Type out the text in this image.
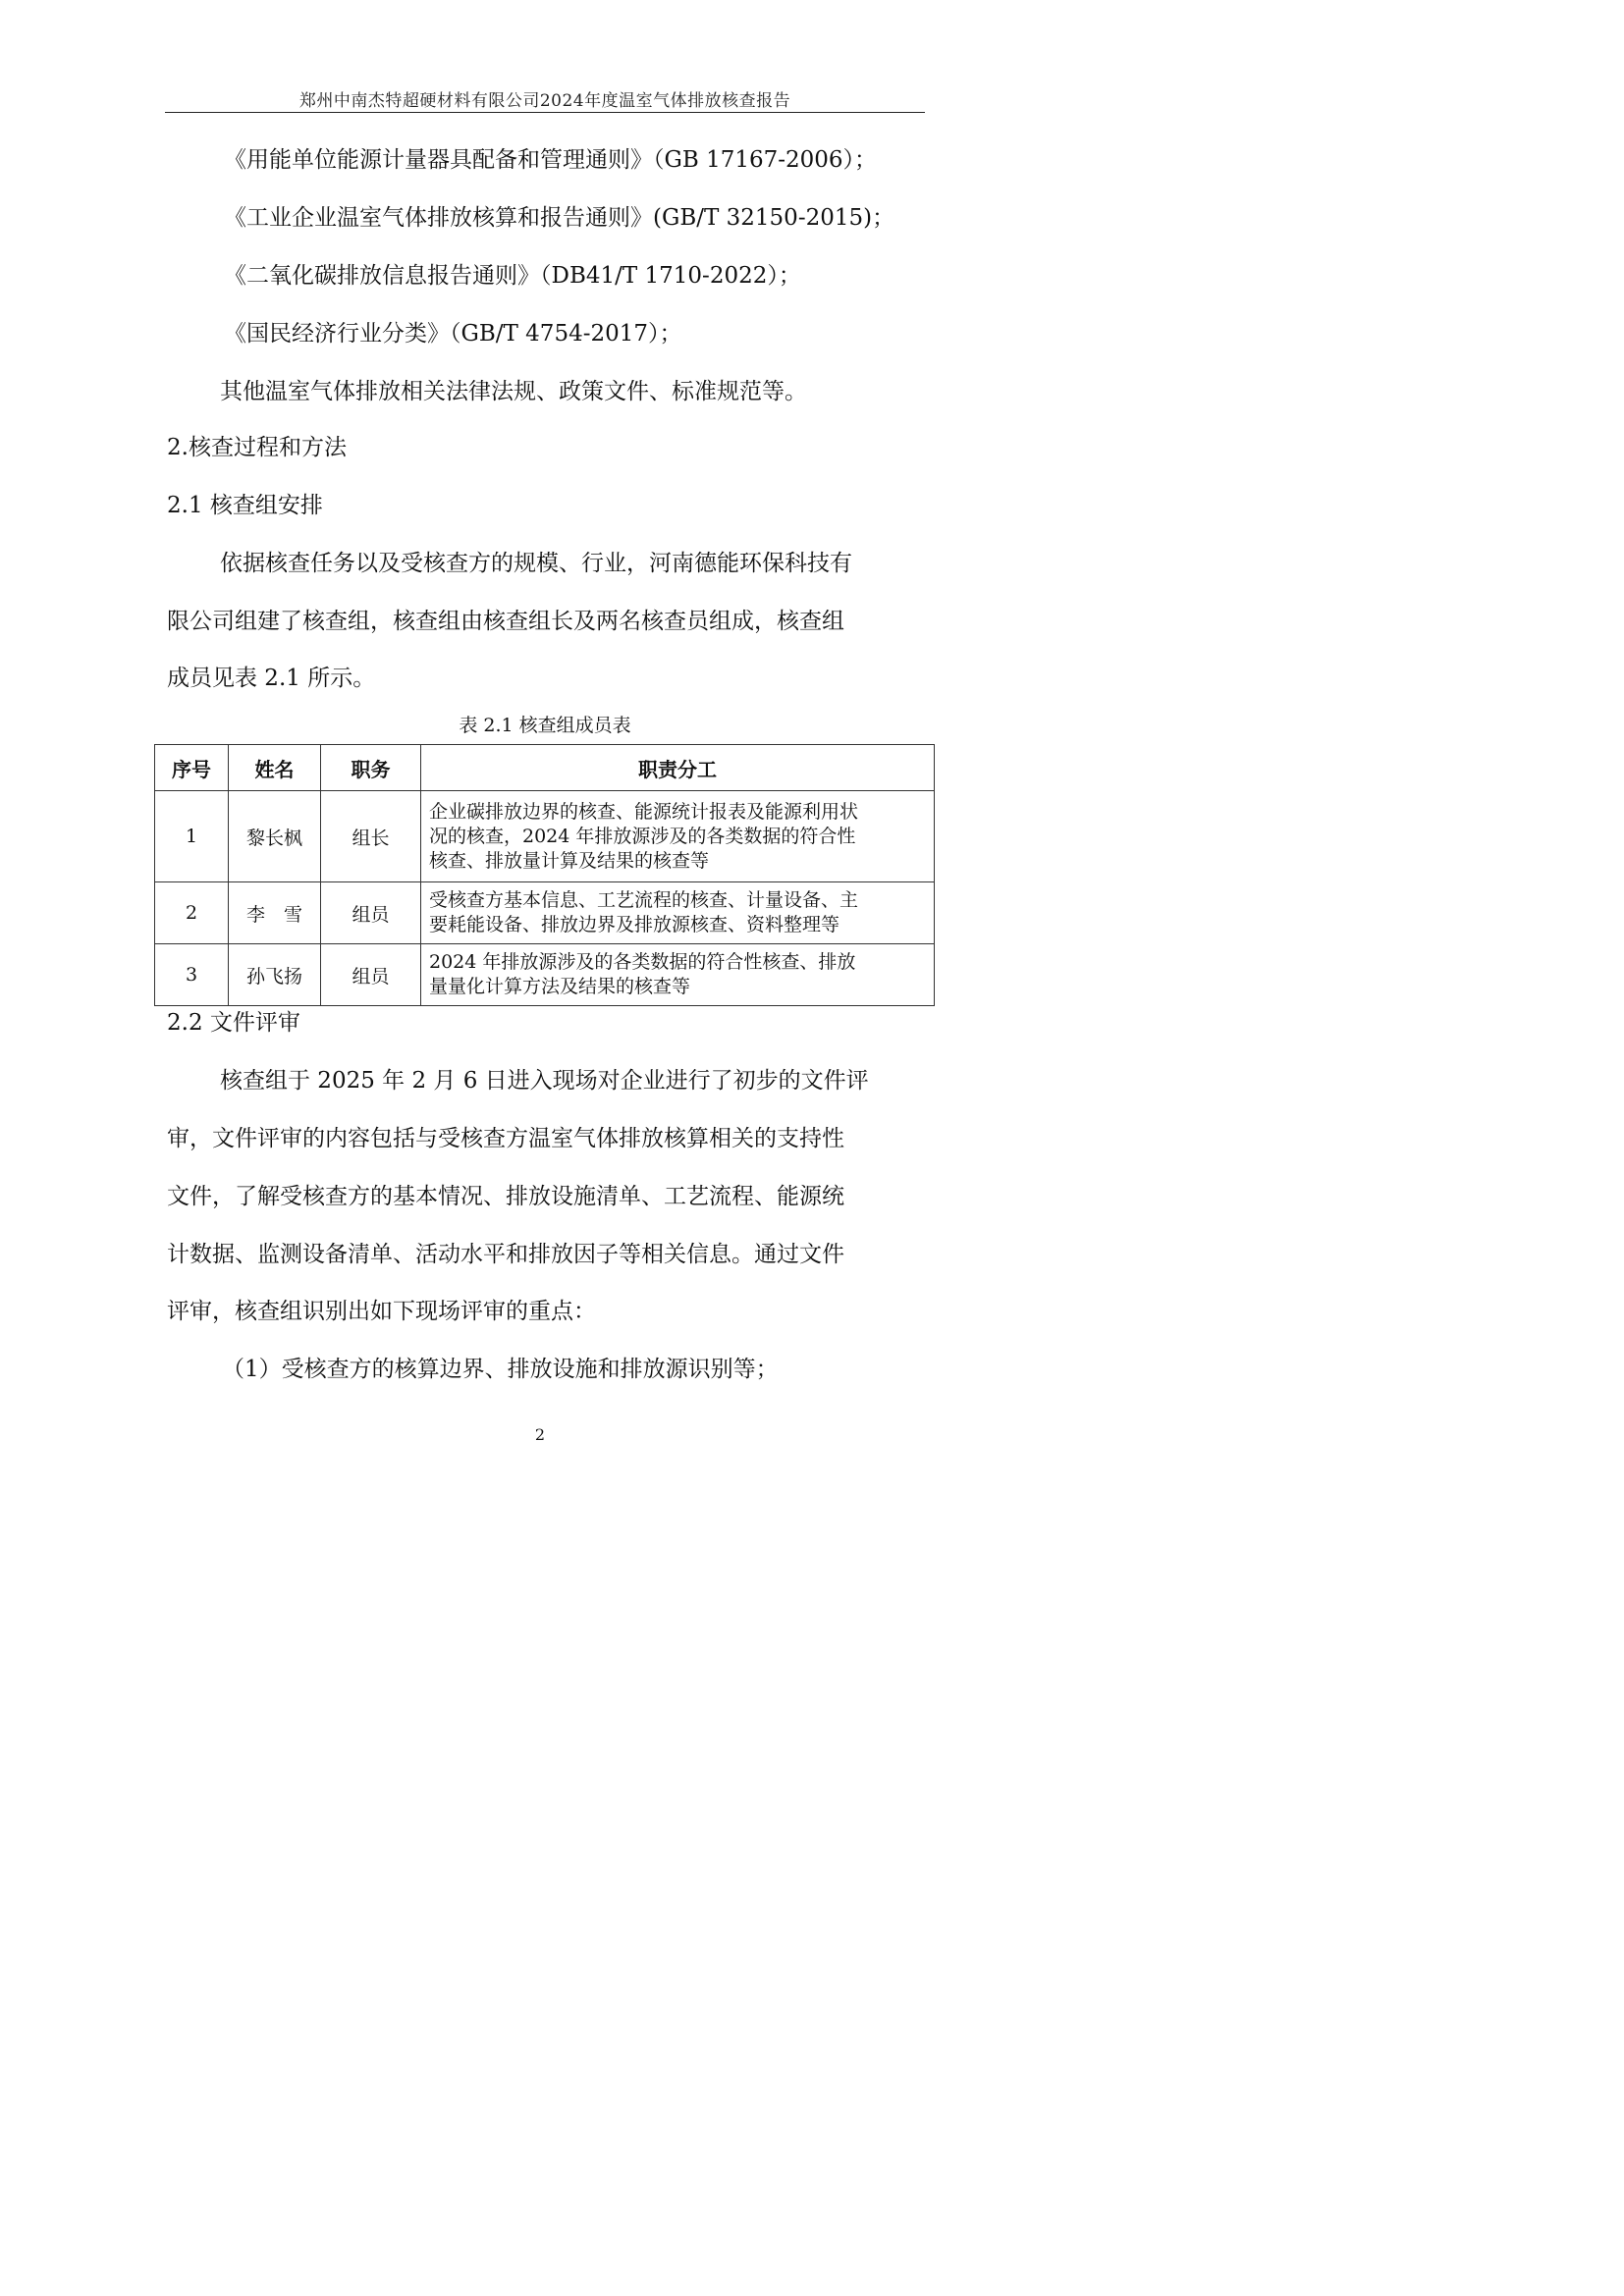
郑州中南杰特超硬材料有限公司2024年度温室气体排放核查报告
《用能单位能源计量器具配备和管理通则》（GB 17167-2006）；
《工业企业温室气体排放核算和报告通则》(GB/T 32150-2015)；
《二氧化碳排放信息报告通则》（DB41/T 1710-2022）；
《国民经济行业分类》（GB/T 4754-2017）；
其他温室气体排放相关法律法规、政策文件、标准规范等。
2.核查过程和方法
2.1 核查组安排
依据核查任务以及受核查方的规模、行业，河南德能环保科技有
限公司组建了核查组，核查组由核查组长及两名核查员组成，核查组
成员见表 2.1 所示。
表 2.1 核查组成员表
序号	姓名	职务	职责分工
1	黎长枫	组长	企业碳排放边界的核查、能源统计报表及能源利用状
况的核查，2024 年排放源涉及的各类数据的符合性
核查、排放量计算及结果的核查等

2	李　雪	组员	受核查方基本信息、工艺流程的核查、计量设备、主
要耗能设备、排放边界及排放源核查、资料整理等

3	孙飞扬	组员	2024 年排放源涉及的各类数据的符合性核查、排放
量量化计算方法及结果的核查等
2.2 文件评审
核查组于 2025 年 2 月 6 日进入现场对企业进行了初步的文件评
审，文件评审的内容包括与受核查方温室气体排放核算相关的支持性
文件，了解受核查方的基本情况、排放设施清单、工艺流程、能源统
计数据、监测设备清单、活动水平和排放因子等相关信息。通过文件
评审，核查组识别出如下现场评审的重点：
（1）受核查方的核算边界、排放设施和排放源识别等；
2
